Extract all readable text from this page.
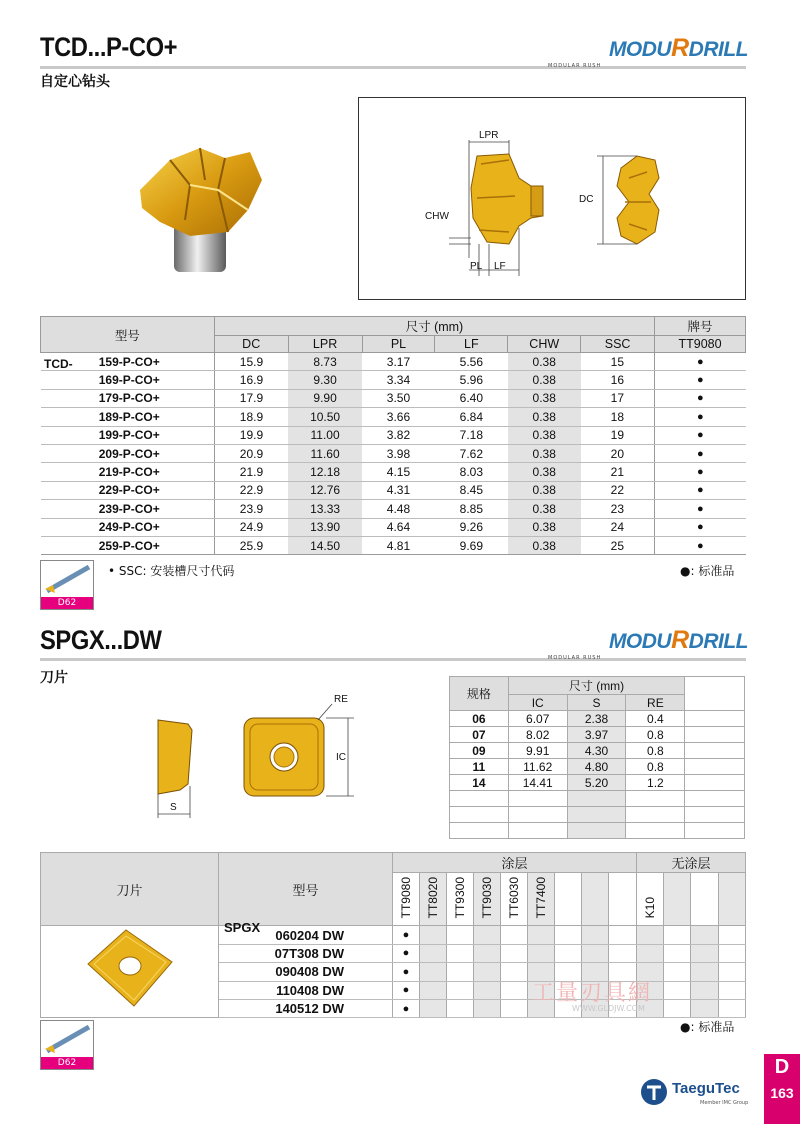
TCD...P-CO+
自定心钻头
MODURDRILL
MODULAR RUSH
LPR
DC
CHW
PL LF
型号	尺寸 (mm)						牌号
	DC	LPR	PL	LF	CHW	SSC	TT9080
159-P-CO+	15.9	8.73	3.17	5.56	0.38	15	●
169-P-CO+	16.9	9.30	3.34	5.96	0.38	16	●
179-P-CO+	17.9	9.90	3.50	6.40	0.38	17	●
189-P-CO+	18.9	10.50	3.66	6.84	0.38	18	●
199-P-CO+	19.9	11.00	3.82	7.18	0.38	19	●
209-P-CO+	20.9	11.60	3.98	7.62	0.38	20	●
219-P-CO+	21.9	12.18	4.15	8.03	0.38	21	●
229-P-CO+	22.9	12.76	4.31	8.45	0.38	22	●
239-P-CO+	23.9	13.33	4.48	8.85	0.38	23	●
249-P-CO+	24.9	13.90	4.64	9.26	0.38	24	●
259-P-CO+	25.9	14.50	4.81	9.69	0.38	25	●
TCD-
D62
• SSC: 安装槽尺寸代码	●: 标准品
SPGX...DW
刀片
MODURDRILL
MODULAR RUSH
RE
IC
S
规格	尺寸 (mm)			
	IC	S	RE	
06	6.07	2.38	0.4	
07	8.02	3.97	0.8	
09	9.91	4.30	0.8	
11	11.62	4.80	0.8	
14	14.41	5.20	1.2	

刀片	型号	涂层									无涂层			
		TT9080	TT8020	TT9300	TT9030	TT6030	TT7400				K10			
	060204 DW	●												
	07T308 DW	●												
	090408 DW	●												
	110408 DW	●												
	140512 DW	●												
SPGX
工量刃具網
WWW.GLDJW.COM
D62
●: 标准品
TaeguTec
Member IMC Group
D
163
